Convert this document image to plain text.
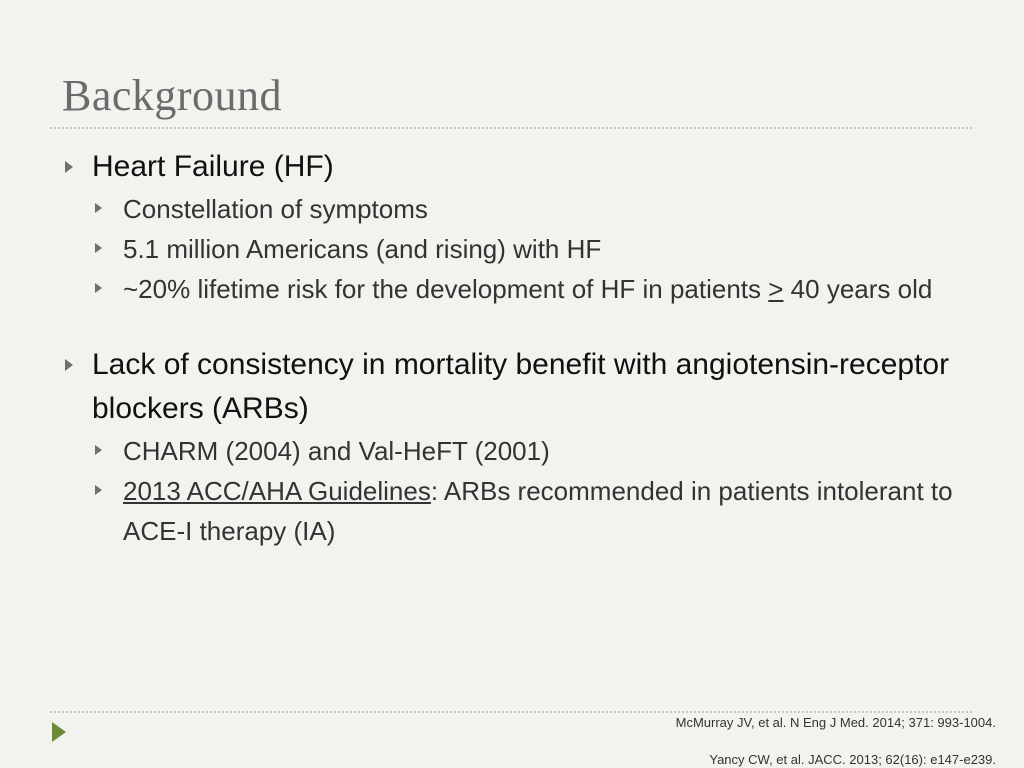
Background
Heart Failure (HF)
Constellation of symptoms
5.1 million Americans (and rising) with HF
~20% lifetime risk for the development of HF in patients ≥ 40 years old
Lack of consistency in mortality benefit with angiotensin-receptor blockers (ARBs)
CHARM (2004) and Val-HeFT (2001)
2013 ACC/AHA Guidelines: ARBs recommended in patients intolerant to ACE-I therapy (IA)
McMurray JV, et al. N Eng J Med. 2014; 371: 993-1004.
Yancy CW, et al. JACC. 2013; 62(16): e147-e239.
